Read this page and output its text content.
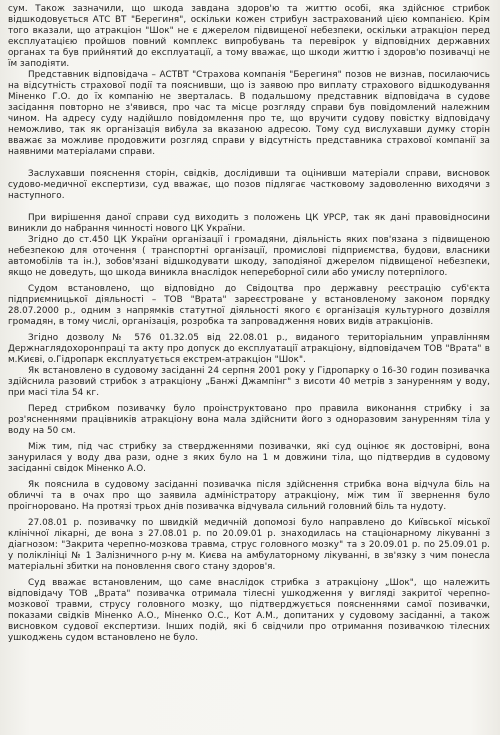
сум. Також зазначили, що шкода завдана здоров'ю та життю особі, яка здійснює стрибок відшкодовується АТС ВТ "Берегиня", оскільки кожен стрибун застрахований цією компанією. Крім того вказали, що атракціон "Шок" не є джерелом підвищеної небезпеки, оскільки атракціон перед експлуатацією пройшов повний комплекс випробувань та перевірок у відповідних державних органах та був прийнятий до експлуатації, а тому вважає, що шкоди життю і здоров'ю позивачці не їм заподіяти.

Представник відповідача – АСТВТ "Страхова компанія "Берегиня" позов не визнав, посилаючись на відсутність страхової події та пояснивши, що із заявою про виплату страхового відшкодування Міненко Г.О. до їх компанію не зверталась. В подальшому представник відповідача в судове засідання повторно не з'явився, про час та місце розгляду справи був повідомлений належним чином. На адресу суду надійшло повідомлення про те, що вручити судову повістку відповідачу неможливо, так як організація вибула за вказаною адресою. Тому суд вислухавши думку сторін вважає за можливе продовжити розгляд справи у відсутність представника страхової компанії за наявними матеріалами справи.

Заслухавши пояснення сторін, свідків, дослідивши та оцінивши матеріали справи, висновок судово-медичної експертизи, суд вважає, що позов підлягає частковому задоволенню виходячи з наступного.

При вирішення даної справи суд виходить з положень ЦК УРСР, так як дані правовідносини виникли до набрання чинності нового ЦК України.

Згідно до ст.450 ЦК України організації і громадяни, діяльність яких пов'язана з підвищеною небезпекою для оточення ( транспортні організації, промислові підприємства, будови, власники автомобілів та ін.), зобов'язані відшкодувати шкоду, заподіяної джерелом підвищеної небезпеки, якщо не доведуть, що шкода виникла внаслідок непереборної сили або умислу потерпілого.

Судом встановлено, що відповідно до Свідоцтва про державну реєстрацію суб'єкта підприємницької діяльності – ТОВ "Врата" зареєстроване у встановленому законом порядку 28.07.2000 р., одним з напрямків статутної діяльності якого є організація культурного дозвілля громадян, в тому числі, організація, розробка та запровадження нових видів атракціонів.

Згідно дозволу № 576 01.32.05 від 22.08.01 р., виданого територіальним управлінням Держнаглядохоронпраці та акту про допуск до експлуатації атракціону, відповідачем ТОВ "Врата" в м.Києві, о.Гідропарк експлуатується екстрем-атракціон "Шок".

Як встановлено в судовому засіданні 24 серпня 2001 року у Гідропарку о 16-30 годин позивачка здійснила разовий стрибок з атракціону „Банжі Джампінг" з висоти 40 метрів з зануренням у воду, при масі тіла 54 кг.

Перед стрибком позивачку було проінструктовано про правила виконання стрибку і за роз'ясненнями працівників атракціону вона мала здійснити його з одноразовим зануренням тіла у воду на 50 см.

Між тим, під час стрибку за ствердженнями позивачки, які суд оцінює як достовірні, вона занурилася у воду два рази, одне з яких було на 1 м довжини тіла, що підтвердив в судовому засіданні свідок Міненко А.О.

Як пояснила в судовому засіданні позивачка після здійснення стрибка вона відчула біль на обличчі та в очах про що заявила адміністратору атракціону, між тим її звернення було проігноровано. На протязі трьох днів позивачка відчувала сильний головний біль та нудоту.

27.08.01 р. позивачку по швидкій медичній допомозі було направлено до Київської міської клінічної лікарні, де вона з 27.08.01 р. по 20.09.01 р. знаходилась на стаціонарному лікуванні з діагнозом: "Закрита черепно-мозкова травма, струс головного мозку" та з 20.09.01 р. по 25.09.01 р. у поліклініці № 1 Залізничного р-ну м. Києва на амбулаторному лікуванні, в зв'язку з чим понесла матеріальні збитки на поновлення свого стану здоров'я.

Суд вважає встановленим, що саме внаслідок стрибка з атракціону „Шок", що належить відповідачу ТОВ „Врата" позивачка отримала тілесні ушкодження у вигляді закритої черепно-мозкової травми, струсу головного мозку, що підтверджується поясненнями самої позивачки, показами свідків Міненко А.О., Міненко О.С., Кот А.М., допитаних у судовому засіданні, а також висновком судової експертизи. Інших подій, які б свідчили про отримання позивачкою тілесних ушкоджень судом встановлено не було.
